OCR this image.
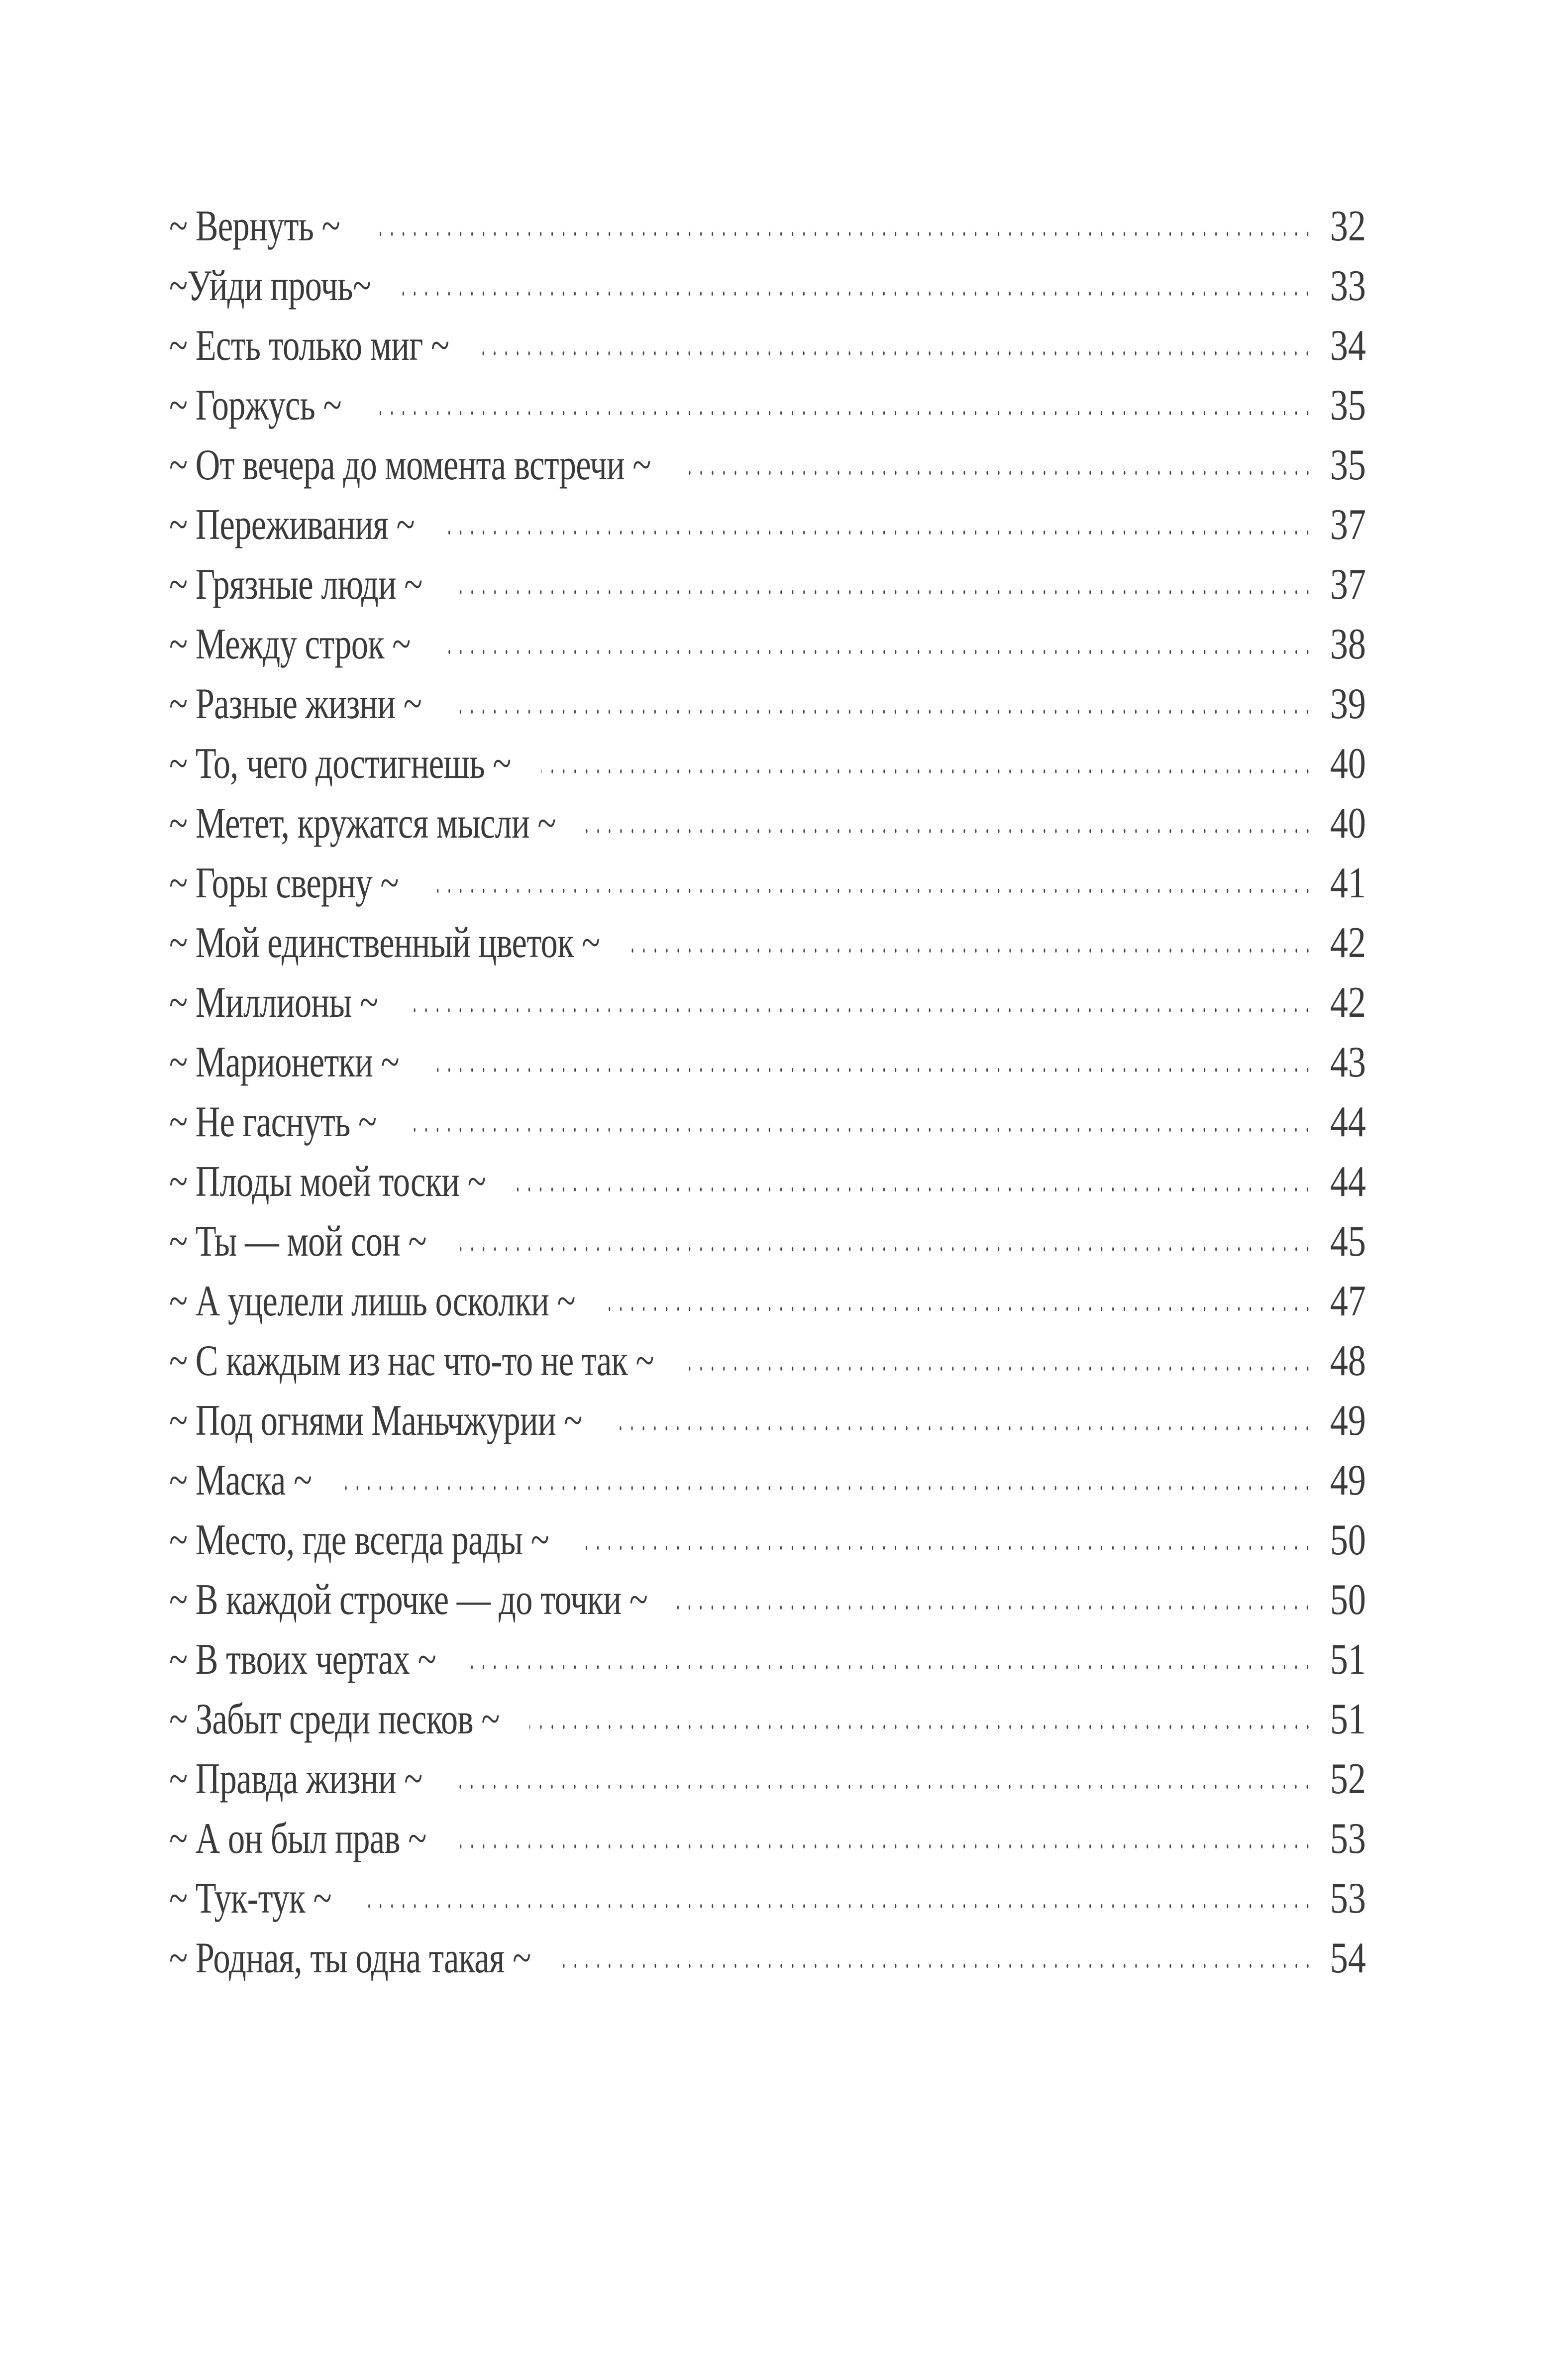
~ Вернуть ~	32
~Уйди прочь~	33
~ Есть только миг ~	34
~ Горжусь ~	35
~ От вечера до момента встречи ~	35
~ Переживания ~	37
~ Грязные люди ~	37
~ Между строк ~	38
~ Разные жизни ~	39
~ То, чего достигнешь ~	40
~ Метет, кружатся мысли ~	40
~ Горы сверну ~	41
~ Мой единственный цветок ~	42
~ Миллионы ~	42
~ Марионетки ~	43
~ Не гаснуть ~	44
~ Плоды моей тоски ~	44
~ Ты — мой сон ~	45
~ А уцелели лишь осколки ~	47
~ С каждым из нас что-то не так ~	48
~ Под огнями Маньчжурии ~	49
~ Маска ~	49
~ Место, где всегда рады ~	50
~ В каждой строчке — до точки ~	50
~ В твоих чертах ~	51
~ Забыт среди песков ~	51
~ Правда жизни ~	52
~ А он был прав ~	53
~ Тук-тук ~	53
~ Родная, ты одна такая ~	54
